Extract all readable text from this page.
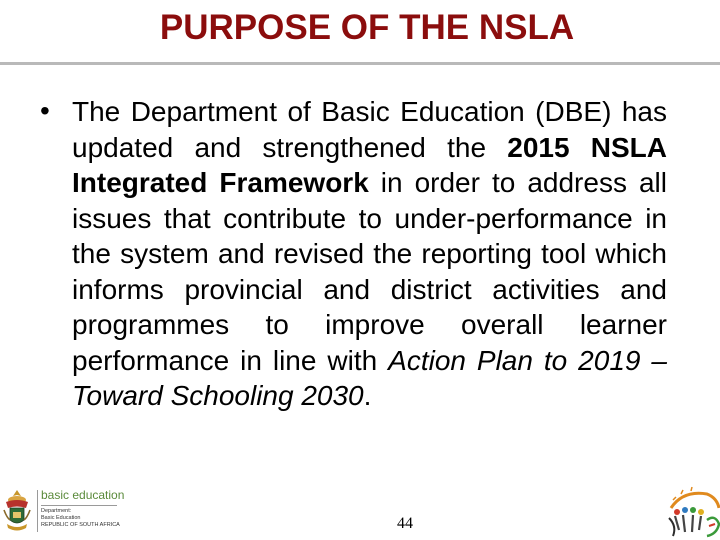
PURPOSE OF THE NSLA
• The Department of Basic Education (DBE) has updated and strengthened the 2015 NSLA Integrated Framework in order to address all issues that contribute to under-performance in the system and revised the reporting tool which informs provincial and district activities and programmes to improve overall learner performance in line with Action Plan to 2019 – Toward Schooling 2030.

basic education
Department:
Basic Education
REPUBLIC OF SOUTH AFRICA	44
